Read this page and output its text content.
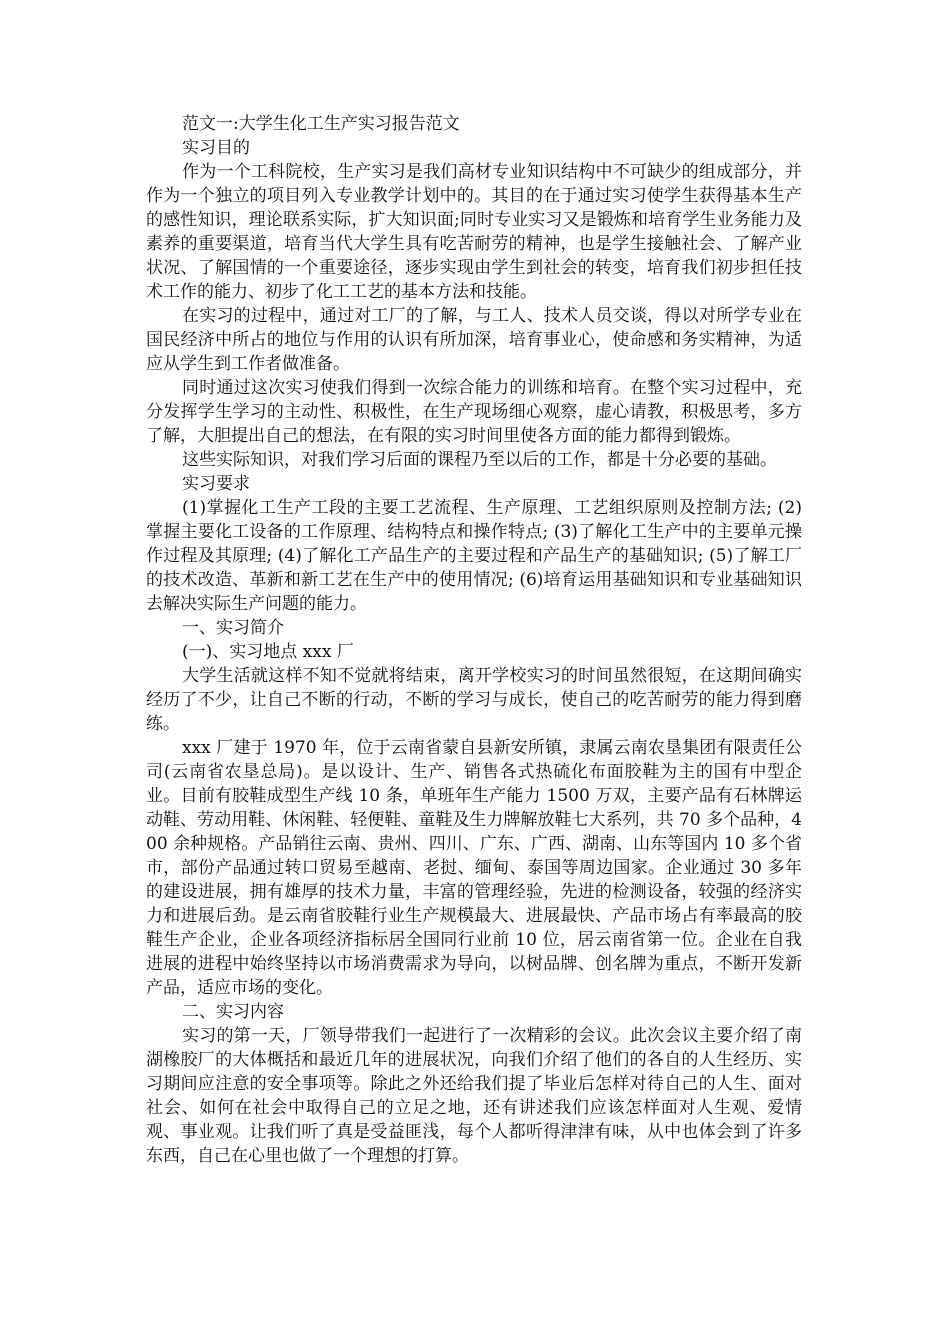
范文一:大学生化工生产实习报告范文

实习目的

作为一个工科院校，生产实习是我们高材专业知识结构中不可缺少的组成部分，并作为一个独立的项目列入专业教学计划中的。其目的在于通过实习使学生获得基本生产的感性知识，理论联系实际，扩大知识面;同时专业实习又是锻炼和培育学生业务能力及素养的重要渠道，培育当代大学生具有吃苦耐劳的精神，也是学生接触社会、了解产业状况、了解国情的一个重要途径，逐步实现由学生到社会的转变，培育我们初步担任技术工作的能力、初步了化工工艺的基本方法和技能。

在实习的过程中，通过对工厂的了解，与工人、技术人员交谈，得以对所学专业在国民经济中所占的地位与作用的认识有所加深，培育事业心，使命感和务实精神，为适应从学生到工作者做准备。

同时通过这次实习使我们得到一次综合能力的训练和培育。在整个实习过程中，充分发挥学生学习的主动性、积极性，在生产现场细心观察，虚心请教，积极思考，多方了解，大胆提出自己的想法，在有限的实习时间里使各方面的能力都得到锻炼。

这些实际知识，对我们学习后面的课程乃至以后的工作，都是十分必要的基础。

实习要求

(1)掌握化工生产工段的主要工艺流程、生产原理、工艺组织原则及控制方法; (2)掌握主要化工设备的工作原理、结构特点和操作特点; (3)了解化工生产中的主要单元操作过程及其原理; (4)了解化工产品生产的主要过程和产品生产的基础知识; (5)了解工厂的技术改造、革新和新工艺在生产中的使用情况; (6)培育运用基础知识和专业基础知识去解决实际生产问题的能力。

一、实习简介

(一)、实习地点 xxx 厂

大学生活就这样不知不觉就将结束，离开学校实习的时间虽然很短，在这期间确实经历了不少，让自己不断的行动，不断的学习与成长，使自己的吃苦耐劳的能力得到磨练。

xxx 厂建于 1970 年，位于云南省蒙自县新安所镇，隶属云南农垦集团有限责任公司(云南省农垦总局)。是以设计、生产、销售各式热硫化布面胶鞋为主的国有中型企业。目前有胶鞋成型生产线 10 条，单班年生产能力 1500 万双，主要产品有石林牌运动鞋、劳动用鞋、休闲鞋、轻便鞋、童鞋及生力牌解放鞋七大系列，共 70 多个品种，400 余种规格。产品销往云南、贵州、四川、广东、广西、湖南、山东等国内 10 多个省市，部份产品通过转口贸易至越南、老挝、缅甸、泰国等周边国家。企业通过 30 多年的建设进展，拥有雄厚的技术力量，丰富的管理经验，先进的检测设备，较强的经济实力和进展后劲。是云南省胶鞋行业生产规模最大、进展最快、产品市场占有率最高的胶鞋生产企业，企业各项经济指标居全国同行业前 10 位，居云南省第一位。企业在自我进展的进程中始终坚持以市场消费需求为导向，以树品牌、创名牌为重点，不断开发新产品，适应市场的变化。

二、实习内容

实习的第一天，厂领导带我们一起进行了一次精彩的会议。此次会议主要介绍了南湖橡胶厂的大体概括和最近几年的进展状况，向我们介绍了他们的各自的人生经历、实习期间应注意的安全事项等。除此之外还给我们提了毕业后怎样对待自己的人生、面对社会、如何在社会中取得自己的立足之地，还有讲述我们应该怎样面对人生观、爱情观、事业观。让我们听了真是受益匪浅，每个人都听得津津有味，从中也体会到了许多东西，自己在心里也做了一个理想的打算。
